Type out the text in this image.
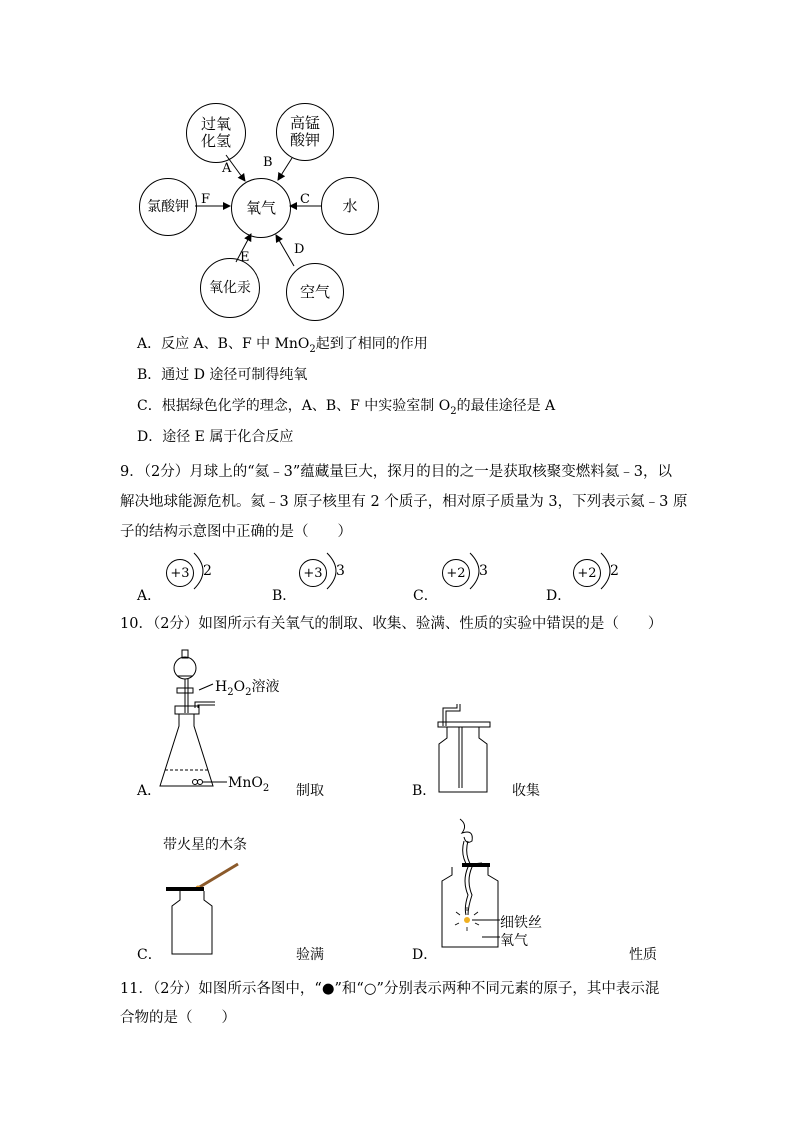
氧气
过氧
化氢
高锰
酸钾
氯酸钾	水
氧化汞	空气
A B
F	C
E
D
A．反应 A、B、F 中 MnO$_2$起到了相同的作用
B．通过 D 途径可制得纯氧
C．根据绿色化学的理念，A、B、F 中实验室制 $O_2$的最佳途径是 A
D．途径 E 属于化合反应
9．（2分）月球上的“氦﹣3”蕴藏量巨大，探月的目的之一是获取核聚变燃料氦﹣3，以
解决地球能源危机。氦﹣3 原子核里有 2 个质子，相对原子质量为 3，下列表示氦﹣3 原
子的结构示意图中正确的是（　　）
A．
+3 2
B．
+3 3
C．
+2 3
D．
+2 2
10．（2分）如图所示有关氧气的制取、收集、验满、性质的实验中错误的是（　　）
$H_2O_2$溶液
MnO$_2$
A．	制取	B．	收集
带火星的木条
C．	验满
细铁丝
氧气
D．	性质
11．（2分）如图所示各图中，“●”和“○”分别表示两种不同元素的原子，其中表示混
合物的是（　　）
